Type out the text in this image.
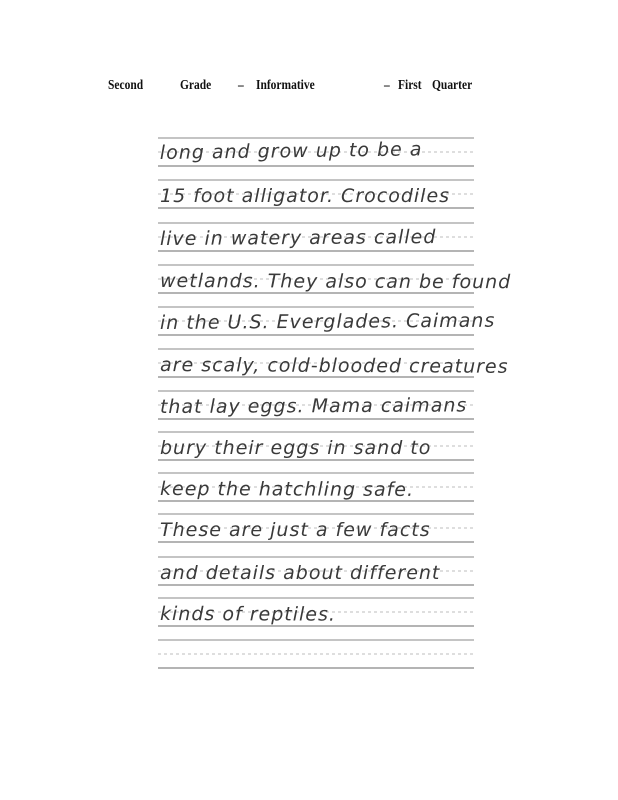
Second	Grade – Informative	– First Quarter
long and grow up to be a
15 foot alligator. Crocodiles
live in watery areas called
wetlands. They also can be found
in the U.S. Everglades. Caimans
are scaly, cold-blooded creatures
that lay eggs. Mama caimans
bury their eggs in sand to
keep the hatchling safe.
These are just a few facts
and details about different
kinds of reptiles.
